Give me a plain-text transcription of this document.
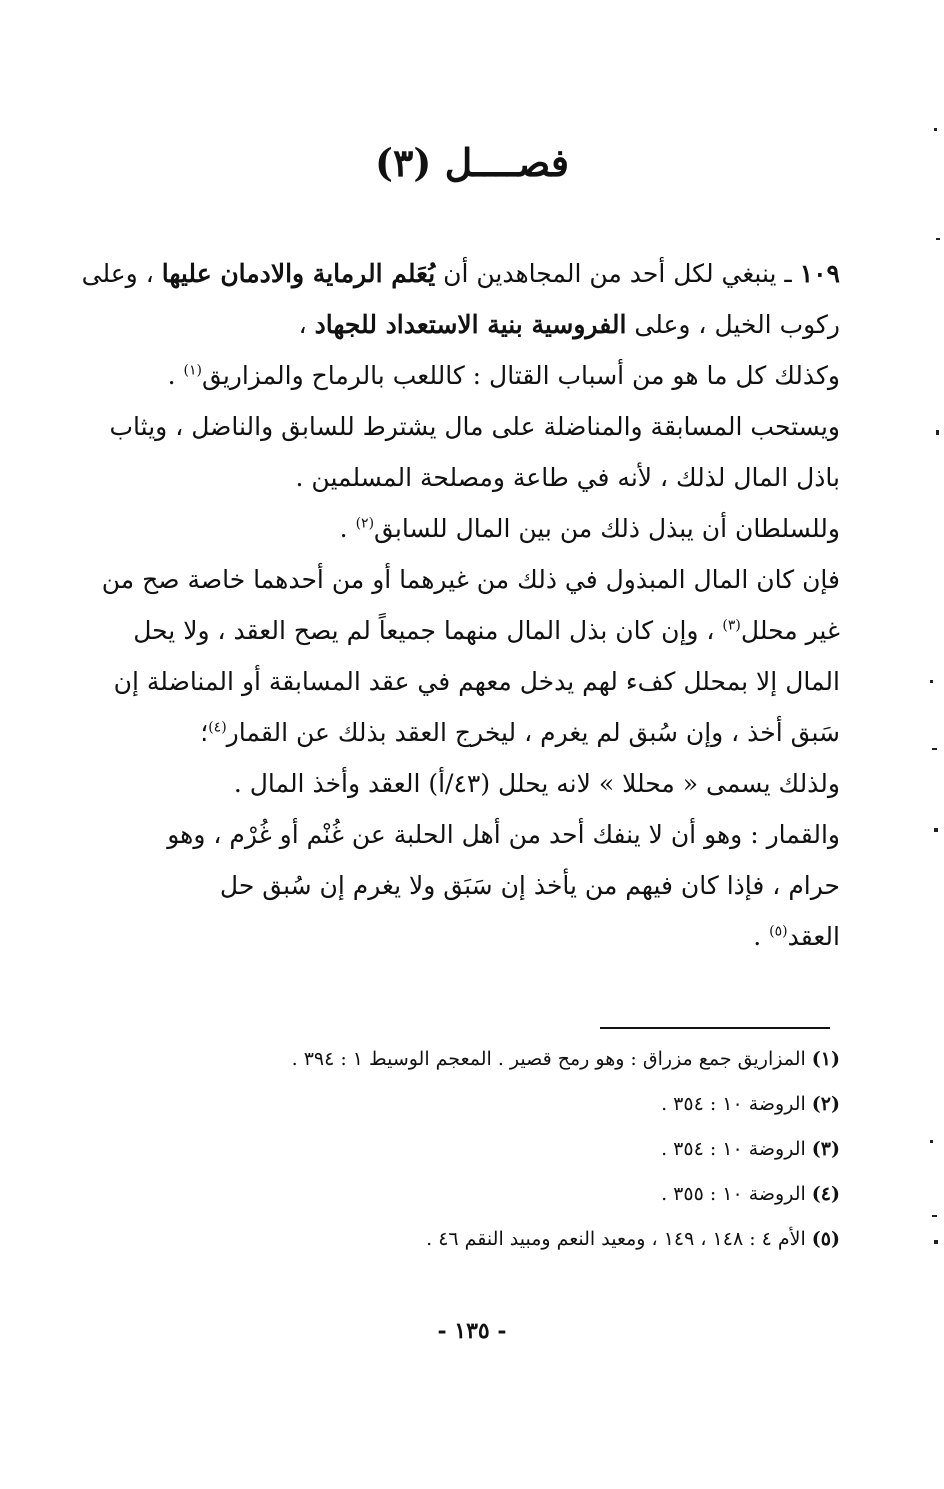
فصــــل (٣)
١٠٩ ـ ينبغي لكل أحد من المجاهدين أن يُعَلم الرماية والادمان عليها ، وعلى
ركوب الخيل ، وعلى الفروسية بنية الاستعداد للجهاد ،
وكذلك كل ما هو من أسباب القتال : كاللعب بالرماح والمزاريق$^{(١)}$ .
ويستحب المسابقة والمناضلة على مال يشترط للسابق والناضل ، ويثاب
باذل المال لذلك ، لأنه في طاعة ومصلحة المسلمين .
وللسلطان أن يبذل ذلك من بين المال للسابق$^{(٢)}$ .
فإن كان المال المبذول في ذلك من غيرهما أو من أحدهما خاصة صح من
غير محلل$^{(٣)}$ ، وإن كان بذل المال منهما جميعاً لم يصح العقد ، ولا يحل
المال إلا بمحلل كفء لهم يدخل معهم في عقد المسابقة أو المناضلة إن
سَبق أخذ ، وإن سُبق لم يغرم ، ليخرج العقد بذلك عن القمار$^{(٤)}$؛
ولذلك يسمى « محللا » لانه يحلل (٤٣/أ) العقد وأخذ المال .
والقمار : وهو أن لا ينفك أحد من أهل الحلبة عن غُنْم أو غُرْم ، وهو
حرام ، فإذا كان فيهم من يأخذ إن سَبَق ولا يغرم إن سُبق حل
العقد$^{(٥)}$ .
(١)المزاريق جمع مزراق : وهو رمح قصير . المعجم الوسيط ١ : ٣٩٤ .
(٢)الروضة ١٠ : ٣٥٤ .
(٣)الروضة ١٠ : ٣٥٤ .
(٤)الروضة ١٠ : ٣٥٥ .
(٥)الأم ٤ : ١٤٨ ، ١٤٩ ، ومعيد النعم ومبيد النقم ٤٦ .
- ١٣٥ -
